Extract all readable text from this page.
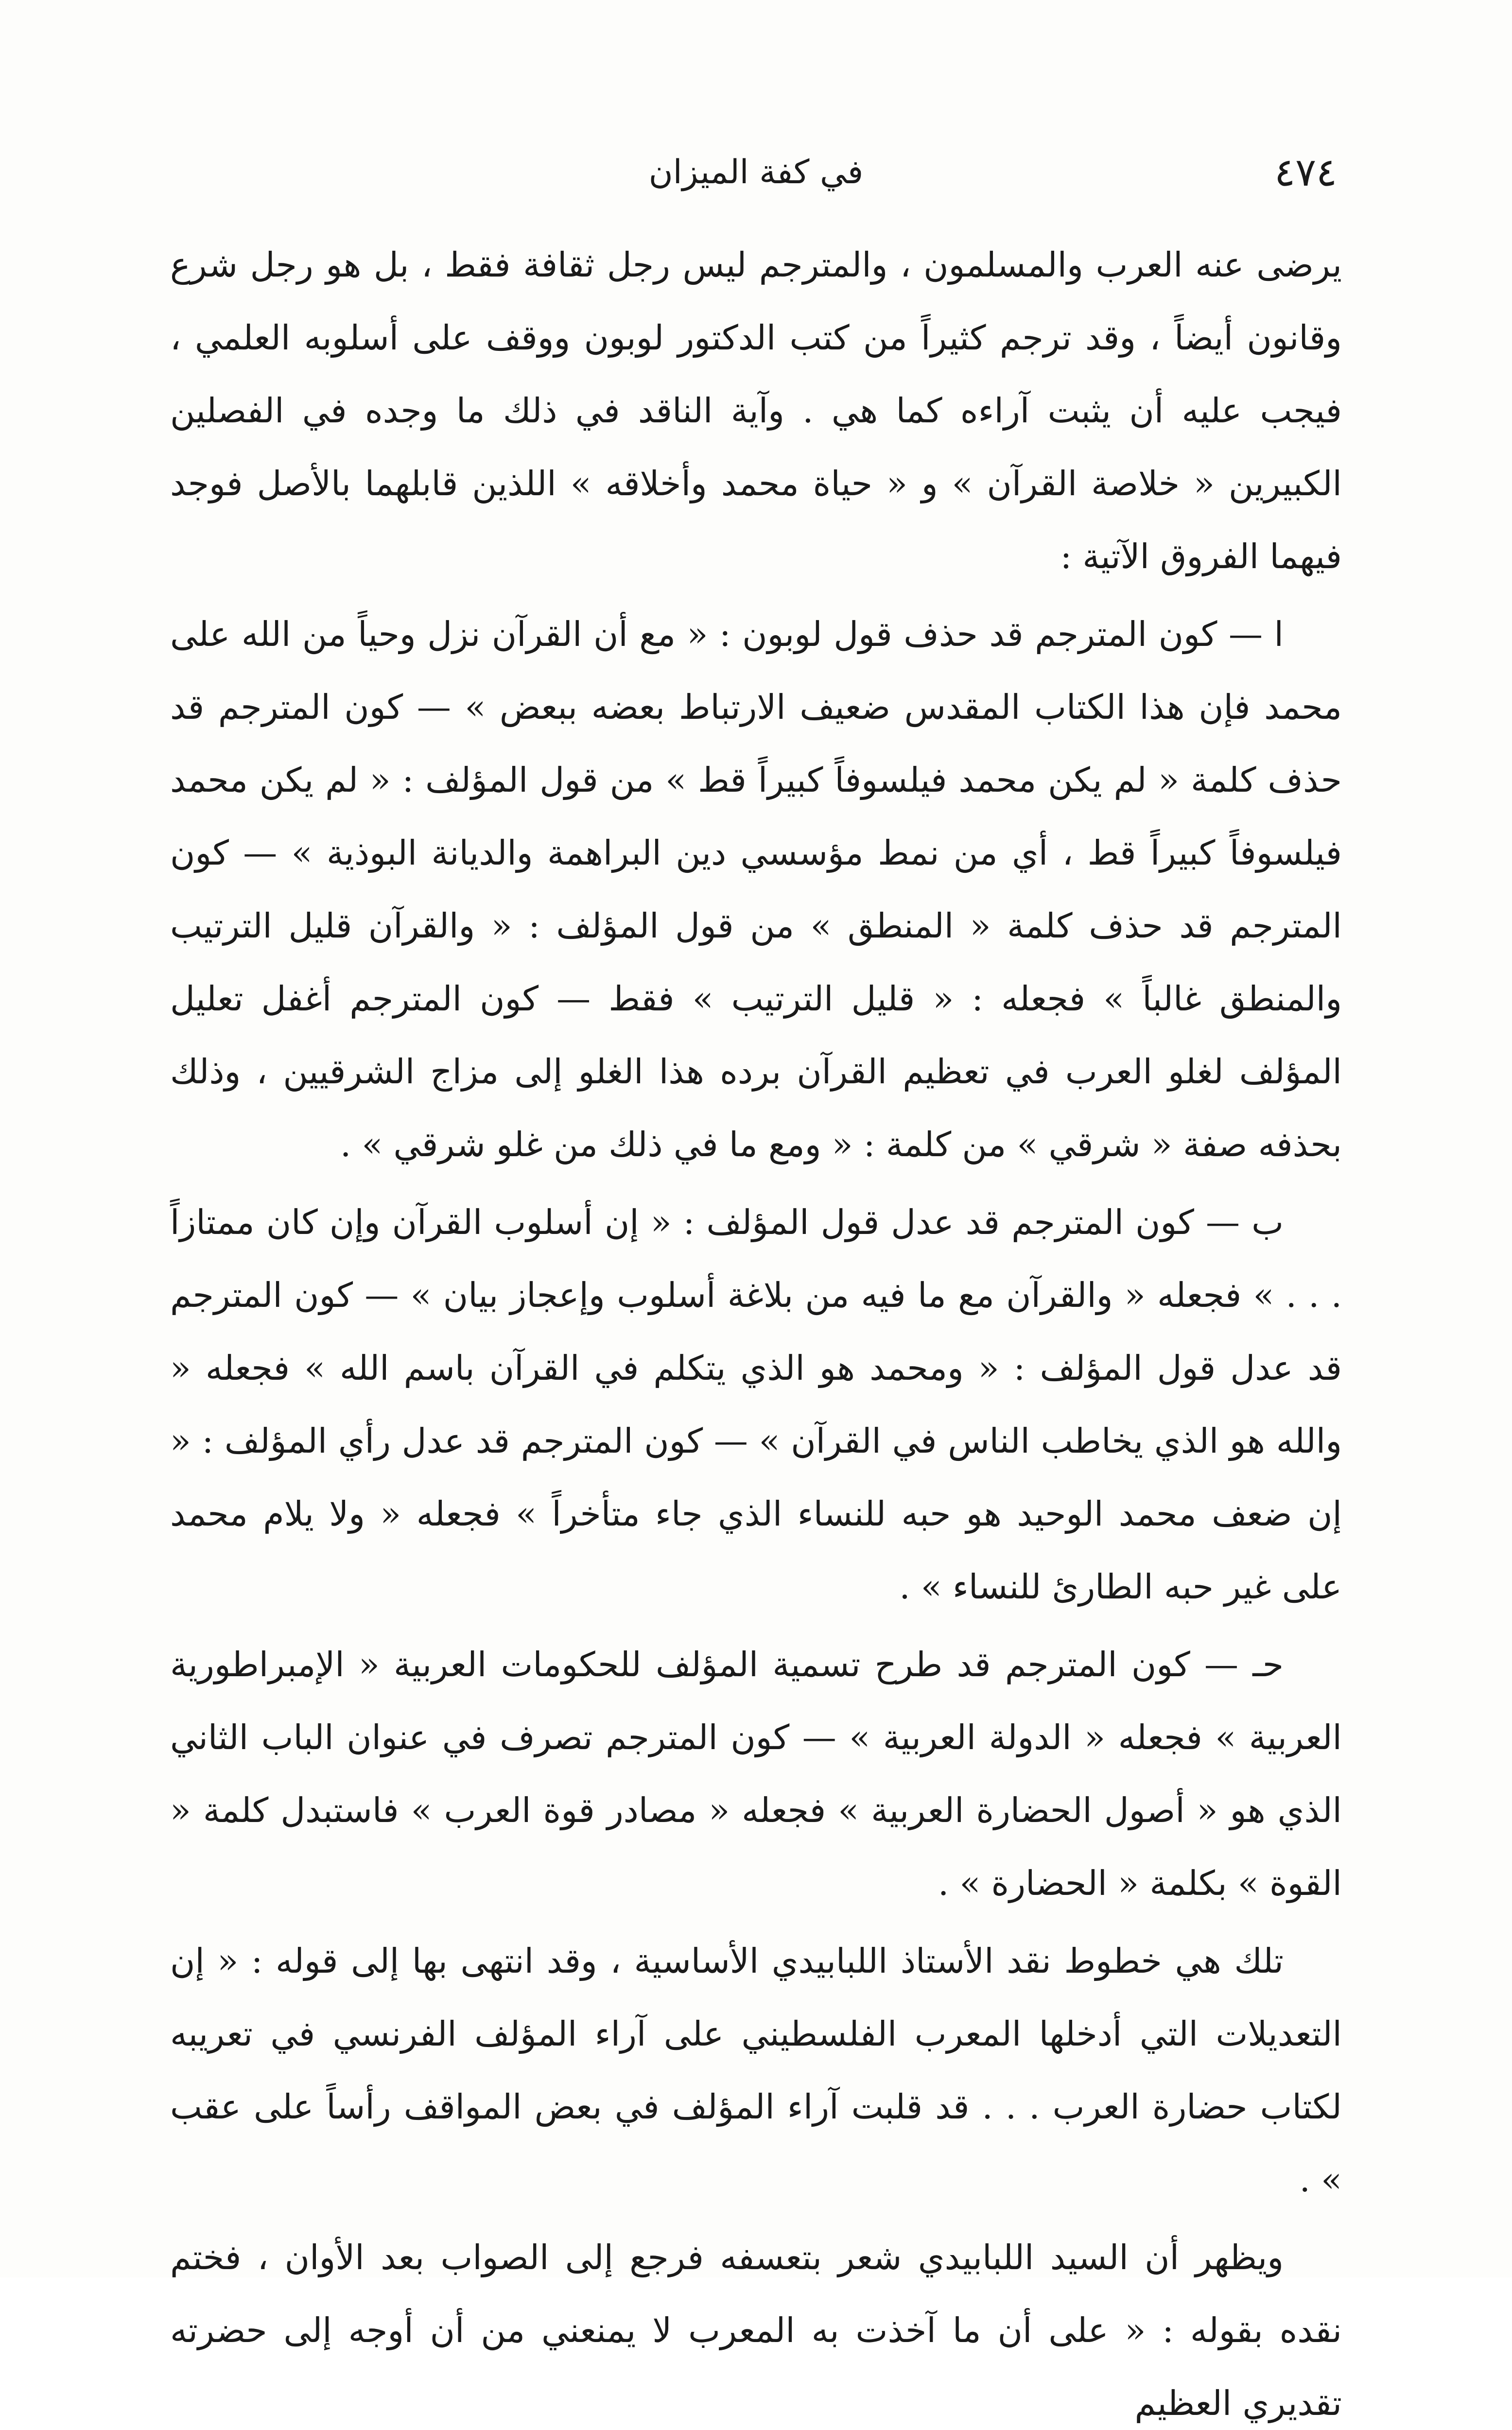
٤٧٤
في كفة الميزان

يرضى عنه العرب والمسلمون ، والمترجم ليس رجل ثقافة فقط ، بل هو رجل شرع وقانون أيضاً ، وقد ترجم كثيراً من كتب الدكتور لوبون ووقف على أسلوبه العلمي ، فيجب عليه أن يثبت آراءه كما هي . وآية الناقد في ذلك ما وجده في الفصلين الكبيرين « خلاصة القرآن » و « حياة محمد وأخلاقه » اللذين قابلهما بالأصل فوجد فيهما الفروق الآتية :

ا — كون المترجم قد حذف قول لوبون : « مع أن القرآن نزل وحياً من الله على محمد فإن هذا الكتاب المقدس ضعيف الارتباط بعضه ببعض » — كون المترجم قد حذف كلمة « لم يكن محمد فيلسوفاً كبيراً قط » من قول المؤلف : « لم يكن محمد فيلسوفاً كبيراً قط ، أي من نمط مؤسسي دين البراهمة والديانة البوذية » — كون المترجم قد حذف كلمة « المنطق » من قول المؤلف : « والقرآن قليل الترتيب والمنطق غالباً » فجعله : « قليل الترتيب » فقط — كون المترجم أغفل تعليل المؤلف لغلو العرب في تعظيم القرآن برده هذا الغلو إلى مزاج الشرقيين ، وذلك بحذفه صفة « شرقي » من كلمة : « ومع ما في ذلك من غلو شرقي » .

ب — كون المترجم قد عدل قول المؤلف : « إن أسلوب القرآن وإن كان ممتازاً . . . » فجعله « والقرآن مع ما فيه من بلاغة أسلوب وإعجاز بيان » — كون المترجم قد عدل قول المؤلف : « ومحمد هو الذي يتكلم في القرآن باسم الله » فجعله « والله هو الذي يخاطب الناس في القرآن » — كون المترجم قد عدل رأي المؤلف : « إن ضعف محمد الوحيد هو حبه للنساء الذي جاء متأخراً » فجعله « ولا يلام محمد على غير حبه الطارئ للنساء » .

حـ — كون المترجم قد طرح تسمية المؤلف للحكومات العربية « الإمبراطورية العربية » فجعله « الدولة العربية » — كون المترجم تصرف في عنوان الباب الثاني الذي هو « أصول الحضارة العربية » فجعله « مصادر قوة العرب » فاستبدل كلمة « القوة » بكلمة « الحضارة » .

تلك هي خطوط نقد الأستاذ اللبابيدي الأساسية ، وقد انتهى بها إلى قوله : « إن التعديلات التي أدخلها المعرب الفلسطيني على آراء المؤلف الفرنسي في تعريبه لكتاب حضارة العرب . . . قد قلبت آراء المؤلف في بعض المواقف رأساً على عقب » .

ويظهر أن السيد اللبابيدي شعر بتعسفه فرجع إلى الصواب بعد الأوان ، فختم نقده بقوله : « على أن ما آخذت به المعرب لا يمنعني من أن أوجه إلى حضرته تقديري العظيم
